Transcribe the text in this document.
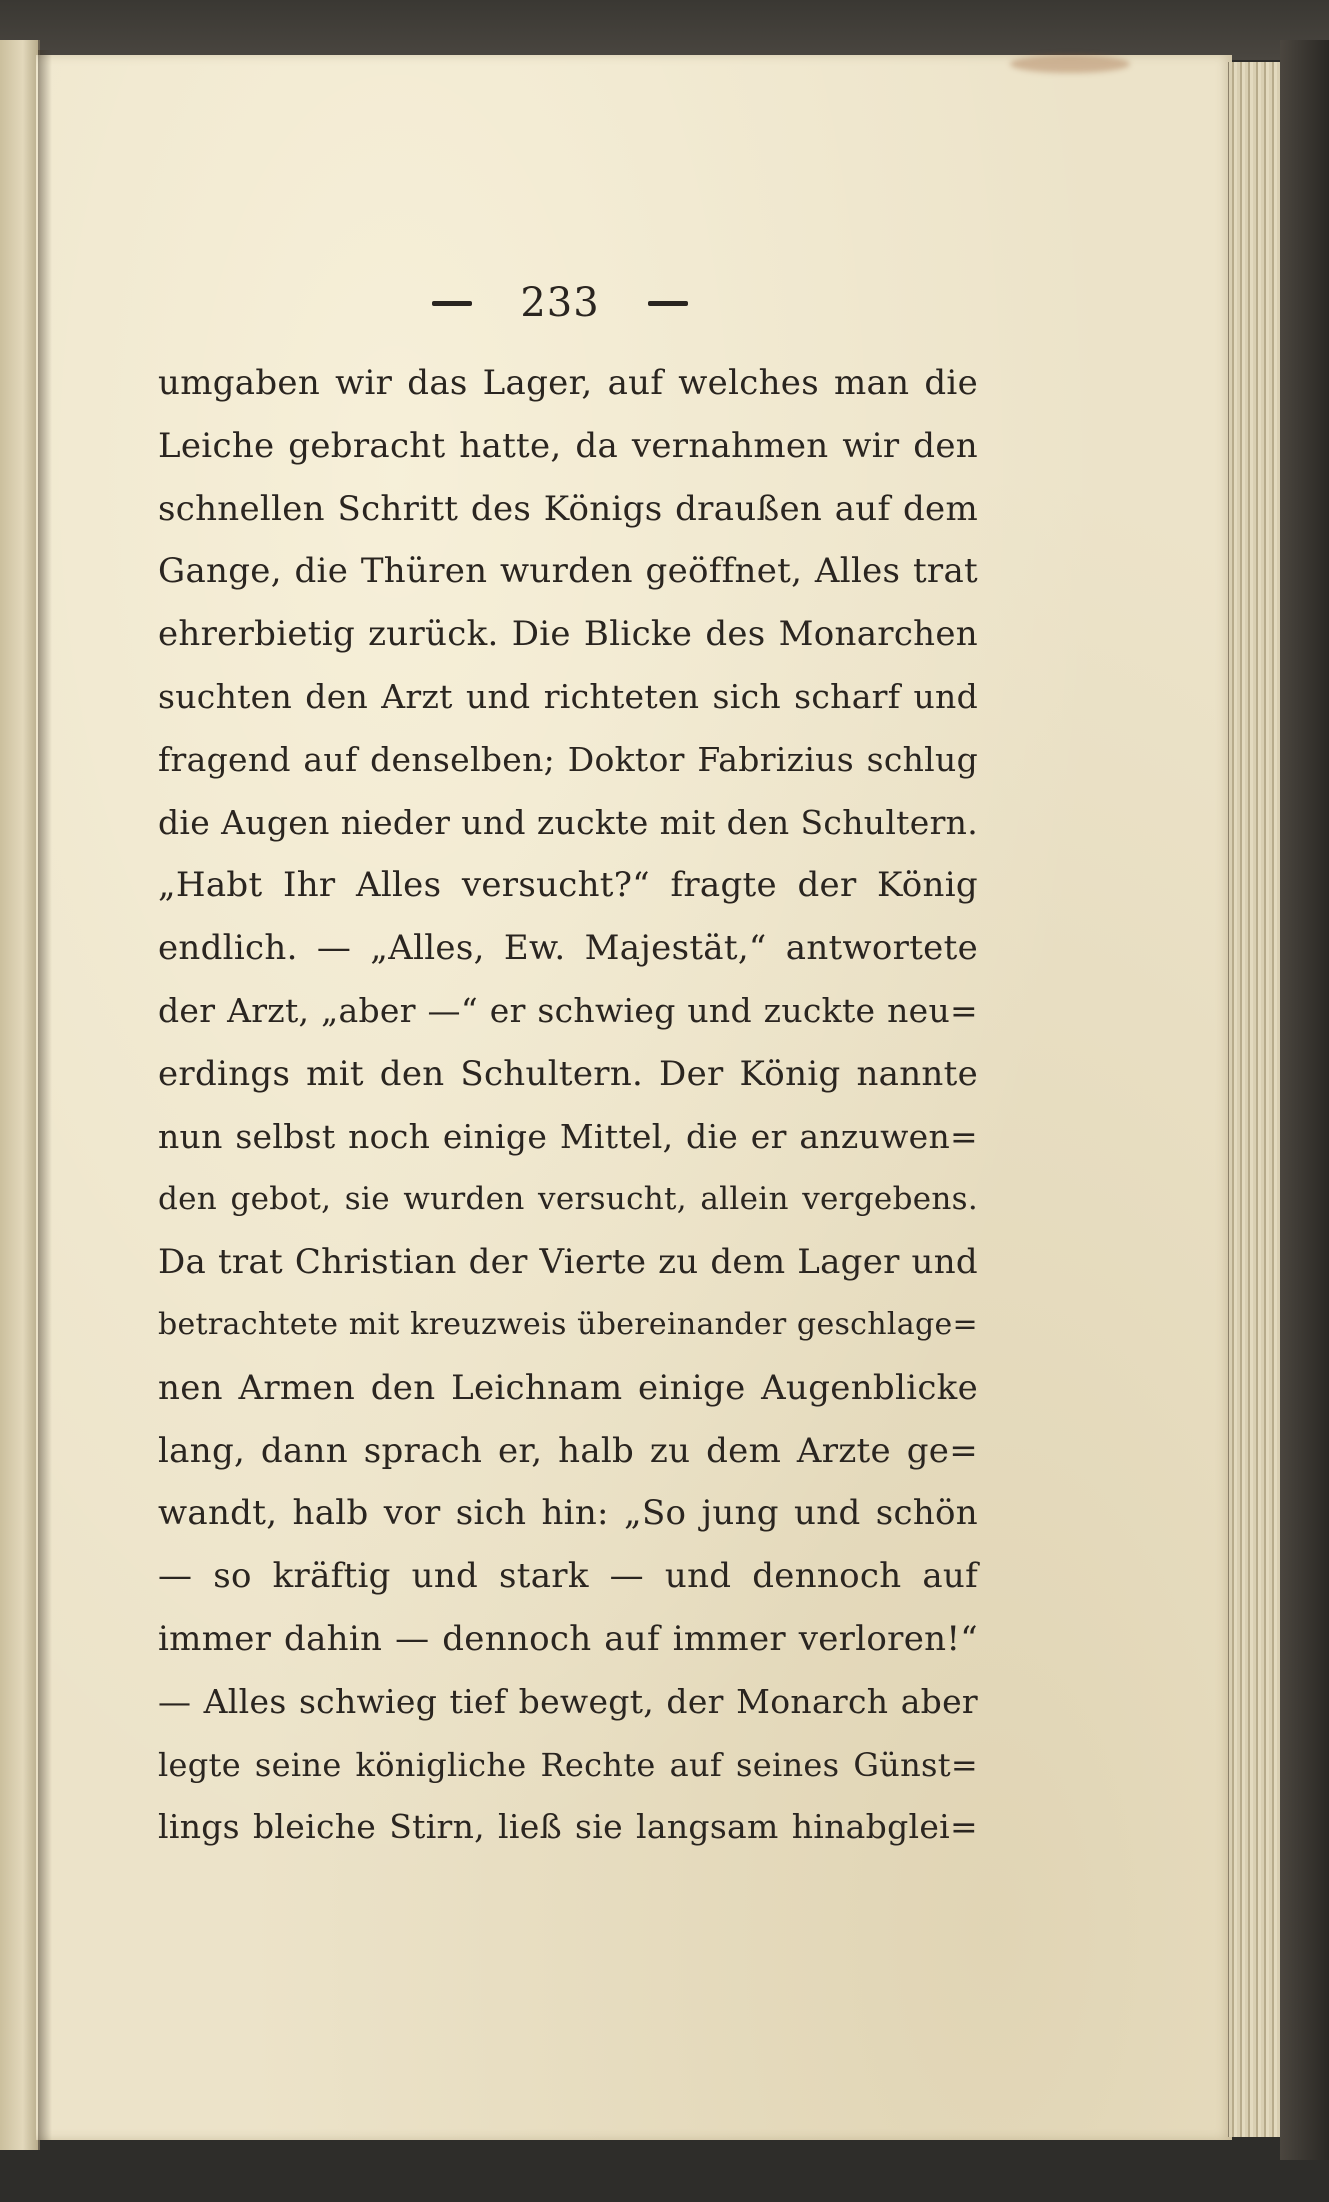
233
umgaben wir das Lager, auf welches man die
Leiche gebracht hatte, da vernahmen wir den
schnellen Schritt des Königs draußen auf dem
Gange, die Thüren wurden geöffnet, Alles trat
ehrerbietig zurück. Die Blicke des Monarchen
suchten den Arzt und richteten sich scharf und
fragend auf denselben; Doktor Fabrizius schlug
die Augen nieder und zuckte mit den Schultern.
„Habt Ihr Alles versucht?“ fragte der König
endlich. — „Alles, Ew. Majestät,“ antwortete
der Arzt, „aber —“ er schwieg und zuckte neu=
erdings mit den Schultern. Der König nannte
nun selbst noch einige Mittel, die er anzuwen=
den gebot, sie wurden versucht, allein vergebens.
Da trat Christian der Vierte zu dem Lager und
betrachtete mit kreuzweis übereinander geschlage=
nen Armen den Leichnam einige Augenblicke
lang, dann sprach er, halb zu dem Arzte ge=
wandt, halb vor sich hin: „So jung und schön
— so kräftig und stark — und dennoch auf
immer dahin — dennoch auf immer verloren!“
— Alles schwieg tief bewegt, der Monarch aber
legte seine königliche Rechte auf seines Günst=
lings bleiche Stirn, ließ sie langsam hinabglei=
